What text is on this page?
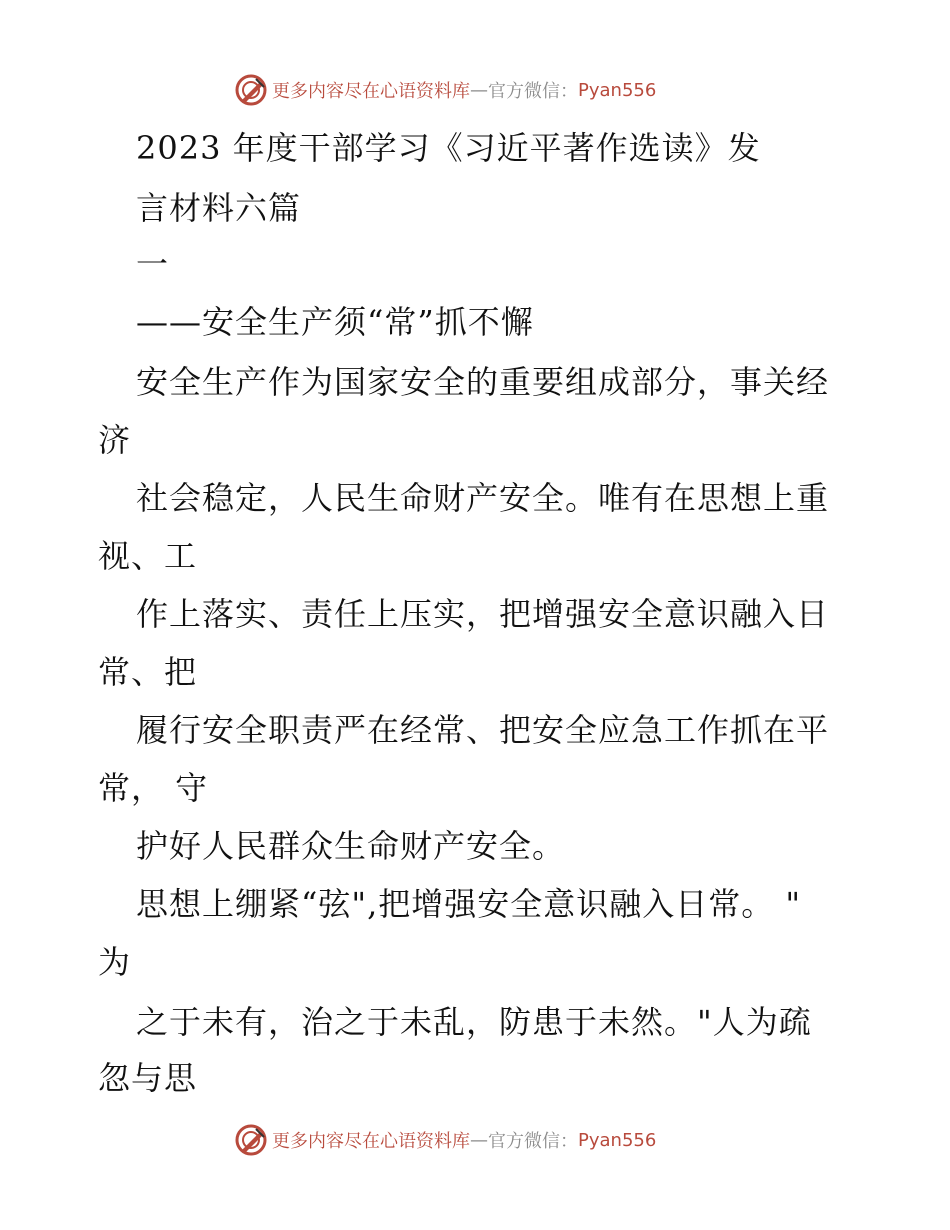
更多内容尽在心语资料库 — 官方微信： Pyan556
2023 年度干部学习《习近平著作选读》发
言材料六篇
一
——安全生产须“常”抓不懈
安全生产作为国家安全的重要组成部分，事关经
济
社会稳定，人民生命财产安全。唯有在思想上重
视、工
作上落实、责任上压实，把增强安全意识融入日
常、把
履行安全职责严在经常、把安全应急工作抓在平
常， 守
护好人民群众生命财产安全。
思想上绷紧“弦",把增强安全意识融入日常。 "
为
之于未有，治之于未乱，防患于未然。"人为疏
忽与思
更多内容尽在心语资料库 — 官方微信： Pyan556
